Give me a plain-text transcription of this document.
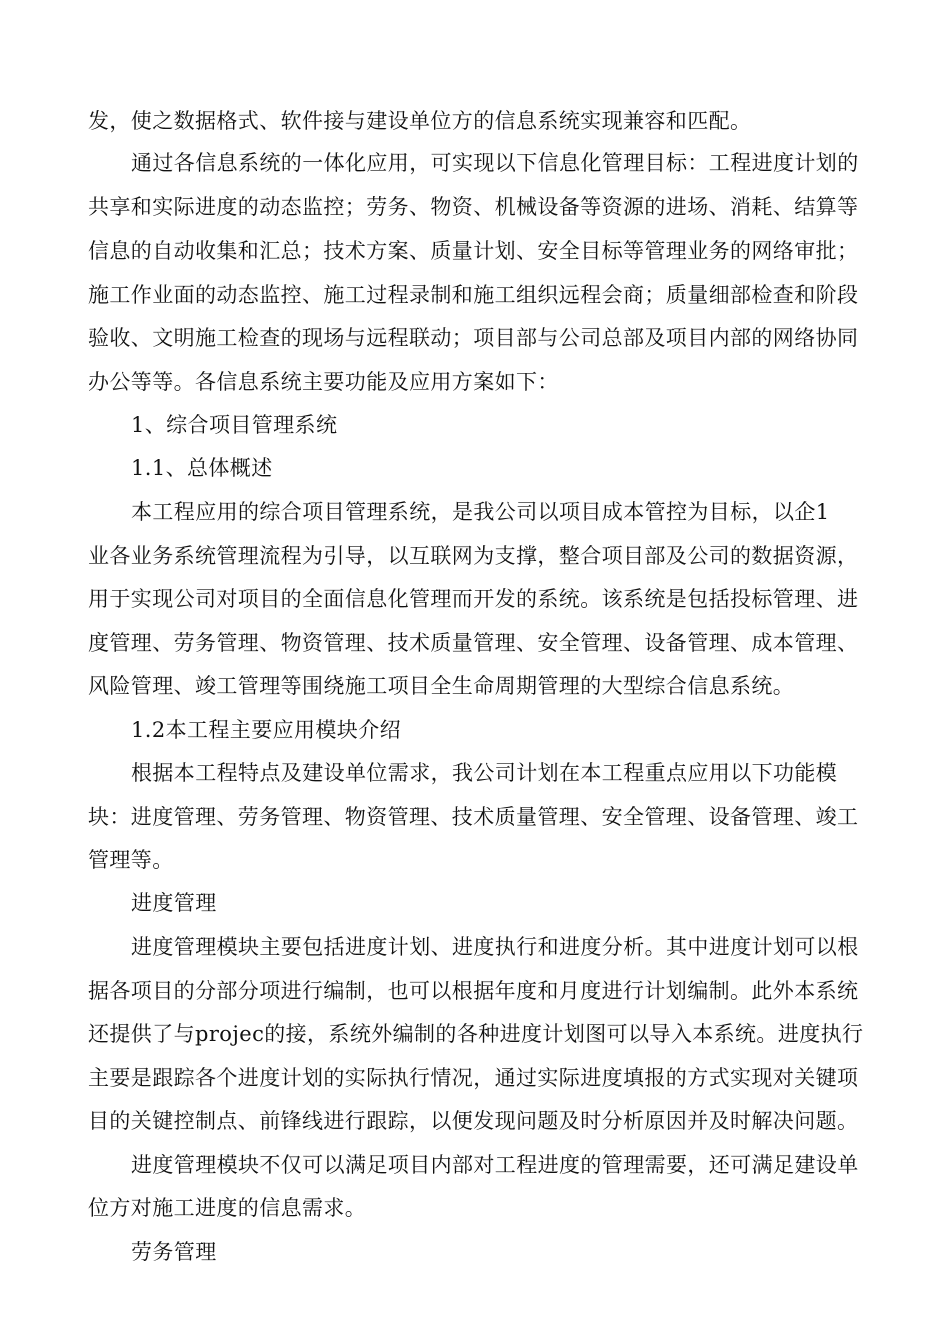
发，使之数据格式、软件接与建设单位方的信息系统实现兼容和匹配。
通过各信息系统的一体化应用，可实现以下信息化管理目标：工程进度计划的
共享和实际进度的动态监控；劳务、物资、机械设备等资源的进场、消耗、结算等
信息的自动收集和汇总；技术方案、质量计划、安全目标等管理业务的网络审批；
施工作业面的动态监控、施工过程录制和施工组织远程会商；质量细部检查和阶段
验收、文明施工检查的现场与远程联动；项目部与公司总部及项目内部的网络协同
办公等等。各信息系统主要功能及应用方案如下：
1、综合项目管理系统
1.1、总体概述
本工程应用的综合项目管理系统，是我公司以项目成本管控为目标，以企1
业各业务系统管理流程为引导，以互联网为支撑，整合项目部及公司的数据资源，
用于实现公司对项目的全面信息化管理而开发的系统。该系统是包括投标管理、进
度管理、劳务管理、物资管理、技术质量管理、安全管理、设备管理、成本管理、
风险管理、竣工管理等围绕施工项目全生命周期管理的大型综合信息系统。
1.2本工程主要应用模块介绍
根据本工程特点及建设单位需求，我公司计划在本工程重点应用以下功能模
块：进度管理、劳务管理、物资管理、技术质量管理、安全管理、设备管理、竣工
管理等。
进度管理
进度管理模块主要包括进度计划、进度执行和进度分析。其中进度计划可以根
据各项目的分部分项进行编制，也可以根据年度和月度进行计划编制。此外本系统
还提供了与projec的接，系统外编制的各种进度计划图可以导入本系统。进度执行
主要是跟踪各个进度计划的实际执行情况，通过实际进度填报的方式实现对关键项
目的关键控制点、前锋线进行跟踪，以便发现问题及时分析原因并及时解决问题。
进度管理模块不仅可以满足项目内部对工程进度的管理需要，还可满足建设单
位方对施工进度的信息需求。
劳务管理
